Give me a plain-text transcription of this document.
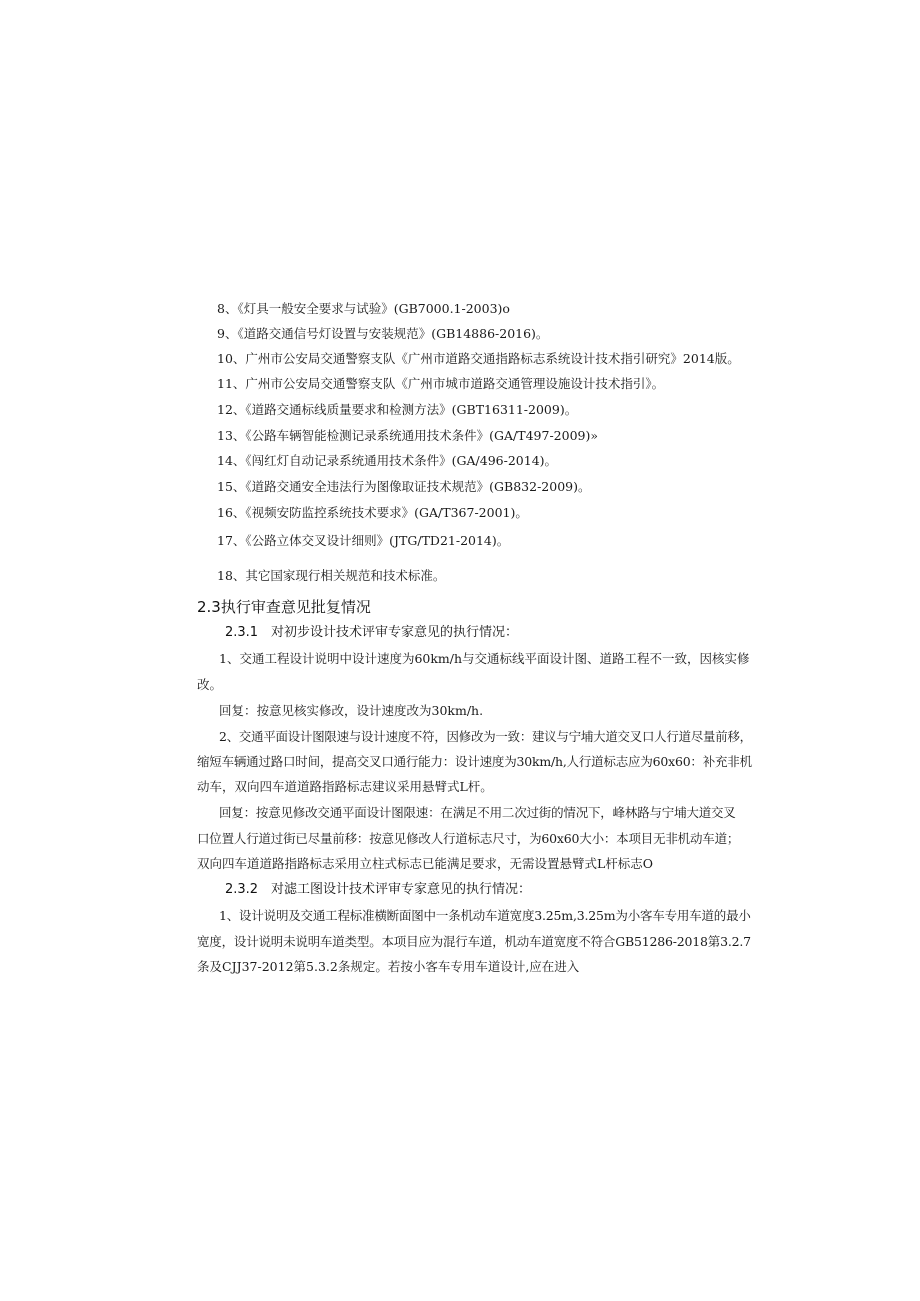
8、《灯具一般安全要求与试验》(GB7000.1-2003)o
9、《道路交通信号灯设置与安装规范》(GB14886-2016)。
10、广州市公安局交通警察支队《广州市道路交通指路标志系统设计技术指引研究》2014版。
11、广州市公安局交通警察支队《广州市城市道路交通管理设施设计技术指引》。
12、《道路交通标线质量要求和检测方法》(GBT16311-2009)。
13、《公路车辆智能检测记录系统通用技术条件》(GA/T497-2009)»
14、《闯红灯自动记录系统通用技术条件》(GA/496-2014)。
15、《道路交通安全违法行为图像取证技术规范》(GB832-2009)。
16、《视频安防监控系统技术要求》(GA/T367-2001)。
17、《公路立体交叉设计细则》(JTG/TD21-2014)。
18、其它国家现行相关规范和技术标准。
2.3执行审查意见批复情况
2.3.1 对初步设计技术评审专家意见的执行情况：
1、交通工程设计说明中设计速度为60km/h与交通标线平面设计图、道路工程不一致，因核实修
改。
回复：按意见核实修改，设计速度改为30km/h.
2、交通平面设计图限速与设计速度不符，因修改为一致：建议与宁埔大道交叉口人行道尽量前移，
缩短车辆通过路口时间，提高交叉口通行能力：设计速度为30km/h,人行道标志应为60x60：补充非机
动车，双向四车道道路指路标志建议采用悬臂式L杆。
回复：按意见修改交通平面设计图限速：在满足不用二次过街的情况下，峰林路与宁埔大道交叉
口位置人行道过街已尽量前移：按意见修改人行道标志尺寸，为60x60大小：本项目无非机动车道；
双向四车道道路指路标志采用立柱式标志已能满足要求，无需设置悬臂式L杆标志O
2.3.2 对滤工图设计技术评审专家意见的执行情况：
1、设计说明及交通工程标准横断面图中一条机动车道宽度3.25m,3.25m为小客车专用车道的最小
宽度，设计说明未说明车道类型。本项目应为混行车道，机动车道宽度不符合GB51286-2018第3.2.7
条及CJJ37-2012第5.3.2条规定。若按小客车专用车道设计,应在进入
